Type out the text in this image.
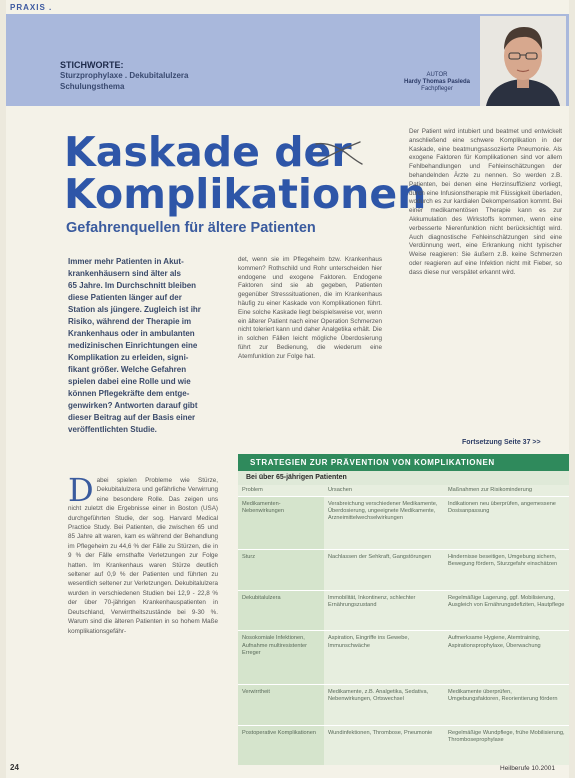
PRAXIS .
STICHWORTE:
Sturzprophylaxe . Dekubitalulzera
Schulungsthema
AUTOR
Hardy Thomas Pasleda
Fachpfleger
Kaskade der
Komplikationen
Gefahrenquellen für ältere Patienten
Immer mehr Patienten in Akut-
krankenhäusern sind älter als
65 Jahre. Im Durchschnitt bleiben
diese Patienten länger auf der
Station als jüngere. Zugleich ist ihr
Risiko, während der Therapie im
Krankenhaus oder in ambulanten
medizinischen Einrichtungen eine
Komplikation zu erleiden, signi-
fikant größer. Welche Gefahren
spielen dabei eine Rolle und wie
können Pflegekräfte dem entge-
genwirken? Antworten darauf gibt
dieser Beitrag auf der Basis einer
veröffentlichten Studie.
det, wenn sie im Pflegeheim bzw. Krankenhaus kommen? Rothschild und Rohr unterscheiden hier endogene und exogene Faktoren. Endogene Faktoren sind sie ab gegeben, Patienten gegenüber Stresssituationen, die im Krankenhaus häufig zu einer Kaskade von Komplikationen führt. Eine solche Kaskade liegt beispielsweise vor, wenn ein älterer Patient nach einer Operation Schmerzen nicht toleriert kann und daher Analgetika erhält. Die in solchen Fällen leicht mögliche Überdosierung führt zur Bedienung, die wiederum eine Atemfunktion zur Folge hat.
Der Patient wird intubiert und beatmet und entwickelt anschließend eine schwere Komplikation in der Kaskade, eine beatmungsassoziierte Pneumonie. Als exogene Faktoren für Komplikationen sind vor allem Fehlbehandlungen und Fehleinschätzungen der behandelnden Ärzte zu nennen. So werden z.B. Patienten, bei denen eine Herzinsuffizienz vorliegt, durch eine Infusionstherapie mit Flüssigkeit überladen, wodurch es zur kardialen Dekompensation kommt. Bei einer medikamentösen Therapie kann es zur Akkumulation des Wirkstoffs kommen, wenn eine verbesserte Nierenfunktion nicht berücksichtigt wird. Auch diagnostische Fehleinschätzungen sind eine Verdünnung wert, eine Erkrankung nicht typischer Weise reagieren: Sie äußern z.B. keine Schmerzen oder reagieren auf eine Infektion nicht mit Fieber, so dass diese nur verspätet erkannt wird.
D abei spielen Probleme wie Stürze, Dekubitalulzera und gefährliche Verwirrung eine besondere Rolle. Das zeigen uns nicht zuletzt die Ergebnisse einer in Boston (USA) durchgeführten Studie, der sog. Harvard Medical Practice Study. Bei Patienten, die zwischen 65 und 85 Jahre alt waren, kam es während der Behandlung im Pflegeheim zu 44,6 % der Fälle zu Stürzen, die in 9 % der Fälle ernsthafte Verletzungen zur Folge hatten. Im Krankenhaus waren Stürze deutlich seltener auf 0,9 % der Patienten und führten zu wesentlich seltener zur Verletzungen. Dekubitalulzera wurden in verschiedenen Studien bei 12,9 - 22,8 % der über 70-jährigen Krankenhauspatienten in Deutschland, Verwirrtheitszustände bei 9-30 %. Warum sind die älteren Patienten in so hohem Maße komplikationsgefähr-
Fortsetzung Seite 37 >>
STRATEGIEN ZUR PRÄVENTION VON KOMPLIKATIONEN
Bei über 65-jährigen Patienten
Problem	Ursachen	Maßnahmen zur Risikominderung
Medikamenten-Nebenwirkungen	Verabreichung verschiedener Medikamente, Überdosierung, ungeeignete Medikamente, Arzneimittelwechselwirkungen	Indikationen neu überprüfen, angemessene Dosisanpassung
Sturz	Nachlassen der Sehkraft, Gangstörungen	Hindernisse beseitigen, Umgebung sichern, Bewegung fördern, Sturzgefahr einschätzen
Dekubitalulzera	Immobilität, Inkontinenz, schlechter Ernährungszustand	Regelmäßige Lagerung, ggf. Mobilisierung, Ausgleich von Ernährungsdefiziten, Hautpflege
Nosokomiale Infektionen, Aufnahme multiresistenter Erreger	Aspiration, Eingriffe ins Gewebe, Immunschwäche	Aufmerksame Hygiene, Atemtraining, Aspirationsprophylaxe, Überwachung
Verwirrtheit	Medikamente, z.B. Analgetika, Sedativa, Nebenwirkungen, Ortswechsel	Medikamente überprüfen, Umgebungsfaktoren, Reorientierung fördern
Postoperative Komplikationen	Wundinfektionen, Thrombose, Pneumonie	Regelmäßige Wundpflege, frühe Mobilisierung, Thromboseprophylaxe
24	Heilberufe 10.2001
